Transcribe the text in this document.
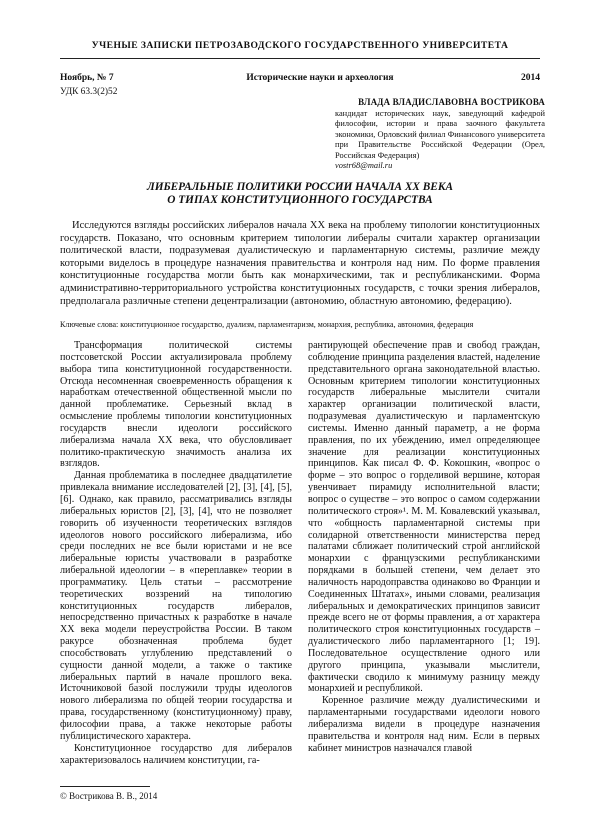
УЧЕНЫЕ ЗАПИСКИ ПЕТРОЗАВОДСКОГО ГОСУДАРСТВЕННОГО УНИВЕРСИТЕТА
Ноябрь, № 7	Исторические науки и археология	2014
УДК 63.3(2)52
ВЛАДА ВЛАДИСЛАВОВНА ВОСТРИКОВА
кандидат исторических наук, заведующий кафедрой философии, истории и права заочного факультета экономики, Орловский филиал Финансового университета при Правительстве Российской Федерации (Орел, Российская Федерация)
vostr68@mail.ru
ЛИБЕРАЛЬНЫЕ ПОЛИТИКИ РОССИИ НАЧАЛА XX ВЕКА
О ТИПАХ КОНСТИТУЦИОННОГО ГОСУДАРСТВА

Исследуются взгляды российских либералов начала XX века на проблему типологии конституционных государств. Показано, что основным критерием типологии либералы считали характер организации политической власти, подразумевая дуалистическую и парламентарную системы, различие между которыми виделось в процедуре назначения правительства и контроля над ним. По форме правления конституционные государства могли быть как монархическими, так и республиканскими. Форма административно-территориального устройства конституционных государств, с точки зрения либералов, предполагала различные степени децентрализации (автономию, областную автономию, федерацию).

Ключевые слова: конституционное государство, дуализм, парламентаризм, монархия, республика, автономия, федерация

Трансформация политической системы постсоветской России актуализировала проблему выбора типа конституционной государственности. Отсюда несомненная своевременность обращения к наработкам отечественной общественной мысли по данной проблематике. Серьезный вклад в осмысление проблемы типологии конституционных государств внесли идеологи российского либерализма начала XX века, что обусловливает политико-практическую значимость анализа их взглядов.

Данная проблематика в последнее двадцатилетие привлекала внимание исследователей [2], [3], [4], [5], [6]. Однако, как правило, рассматривались взгляды либеральных юристов [2], [3], [4], что не позволяет говорить об изученности теоретических взглядов идеологов нового российского либерализма, ибо среди последних не все были юристами и не все либеральные юристы участвовали в разработке либеральной идеологии – в «переплавке» теории в программатику. Цель статьи – рассмотрение теоретических воззрений на типологию конституционных государств либералов, непосредственно причастных к разработке в начале XX века модели переустройства России. В таком ракурсе обозначенная проблема будет способствовать углублению представлений о сущности данной модели, а также о тактике либеральных партий в начале прошлого века. Источниковой базой послужили труды идеологов нового либерализма по общей теории государства и права, государственному (конституционному) праву, философии права, а также некоторые работы публицистического характера.

Конституционное государство для либералов характеризовалось наличием конституции, га-

рантирующей обеспечение прав и свобод граждан, соблюдение принципа разделения властей, наделение представительного органа законодательной властью. Основным критерием типологии конституционных государств либеральные мыслители считали характер организации политической власти, подразумевая дуалистическую и парламентскую системы. Именно данный параметр, а не форма правления, по их убеждению, имел определяющее значение для реализации конституционных принципов. Как писал Ф. Ф. Кокошкин, «вопрос о форме – это вопрос о горделивой вершине, которая увенчивает пирамиду исполнительной власти; вопрос о существе – это вопрос о самом содержании политического строя»¹. М. М. Ковалевский указывал, что «общность парламентарной системы при солидарной ответственности министерства перед палатами сближает политический строй английской монархии с французскими республиканскими порядками в большей степени, чем делает это наличность народоправства одинаково во Франции и Соединенных Штатах», иными словами, реализация либеральных и демократических принципов зависит прежде всего не от формы правления, а от характера политического строя конституционных государств – дуалистического либо парламентарного [1; 19]. Последовательное осуществление одного или другого принципа, указывали мыслители, фактически сводило к минимуму разницу между монархией и республикой.

Коренное различие между дуалистическими и парламентарными государствами идеологи нового либерализма видели в процедуре назначения правительства и контроля над ним. Если в первых кабинет министров назначался главой

© Вострикова В. В., 2014
